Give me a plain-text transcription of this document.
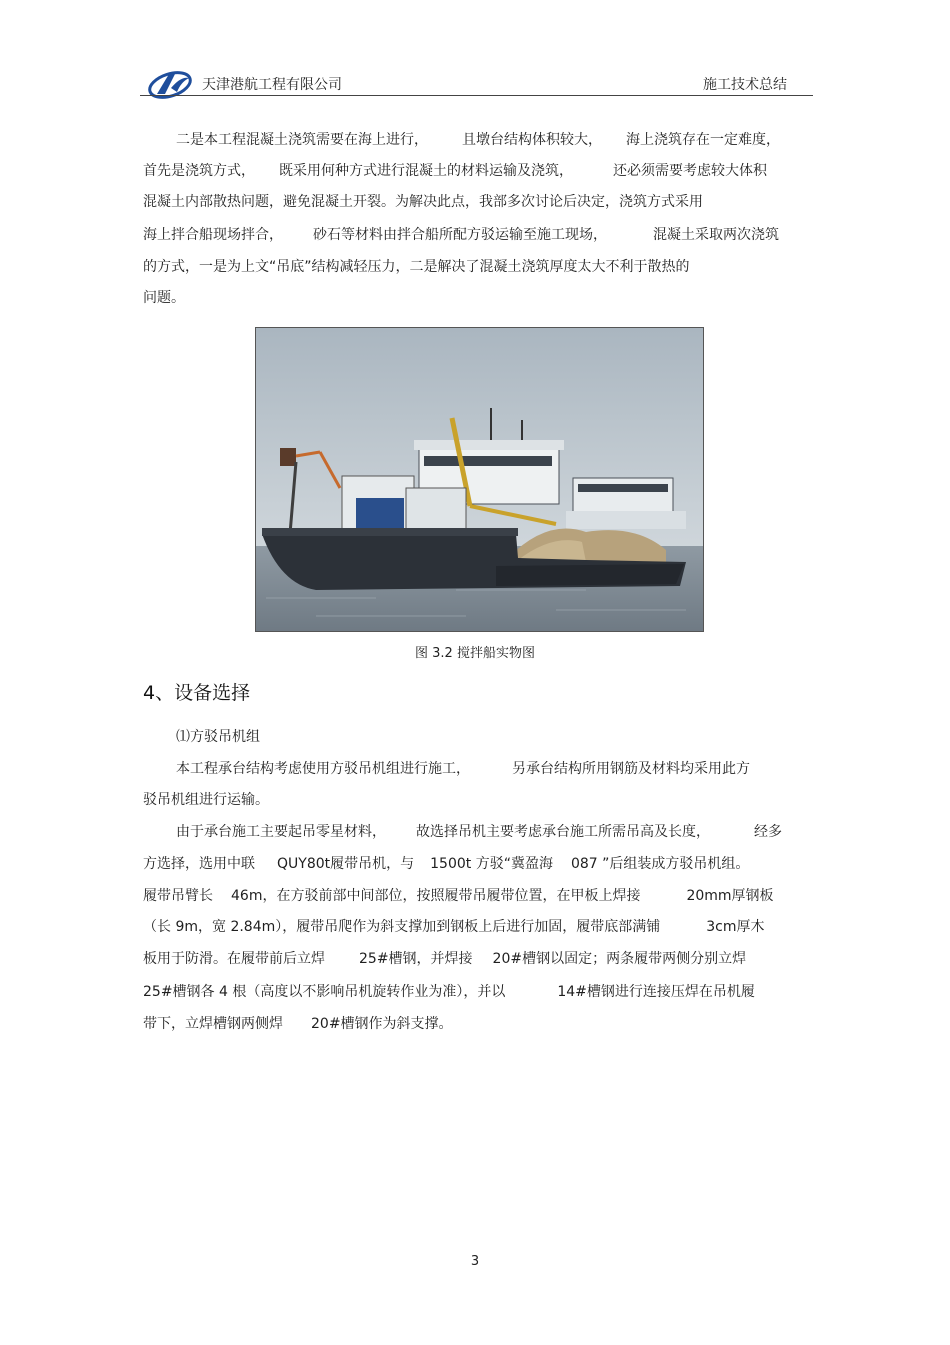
天津港航工程有限公司	施工技术总结
二是本工程混凝土浇筑需要在海上进行， 且墩台结构体积较大， 海上浇筑存在一定难度，
首先是浇筑方式， 既采用何种方式进行混凝土的材料运输及浇筑，	还必须需要考虑较大体积
混凝土内部散热问题，避免混凝土开裂。为解决此点，我部多次讨论后决定，浇筑方式采用
海上拌合船现场拌合， 砂石等材料由拌合船所配方驳运输至施工现场，	混凝土采取两次浇筑
的方式，一是为上文“吊底”结构减轻压力，二是解决了混凝土浇筑厚度太大不利于散热的
问题。
图 3.2 搅拌船实物图
4、设备选择
⑴方驳吊机组
本工程承台结构考虑使用方驳吊机组进行施工，	另承台结构所用钢筋及材料均采用此方
驳吊机组进行运输。
由于承台施工主要起吊零星材料， 故选择吊机主要考虑承台施工所需吊高及长度，	经多
方选择，选用中联 QUY80t履带吊机，与 1500t 方驳“冀盈海 087 ”后组装成方驳吊机组。
履带吊臂长 46m，在方驳前部中间部位，按照履带吊履带位置，在甲板上焊接	20mm厚钢板
（长 9m，宽 2.84m），履带吊爬作为斜支撑加到钢板上后进行加固，履带底部满铺	3cm厚木
板用于防滑。在履带前后立焊 25#槽钢，并焊接 20#槽钢以固定；两条履带两侧分别立焊
25#槽钢各 4 根（高度以不影响吊机旋转作业为准），并以	14#槽钢进行连接压焊在吊机履
带下，立焊槽钢两侧焊 20#槽钢作为斜支撑。
3
